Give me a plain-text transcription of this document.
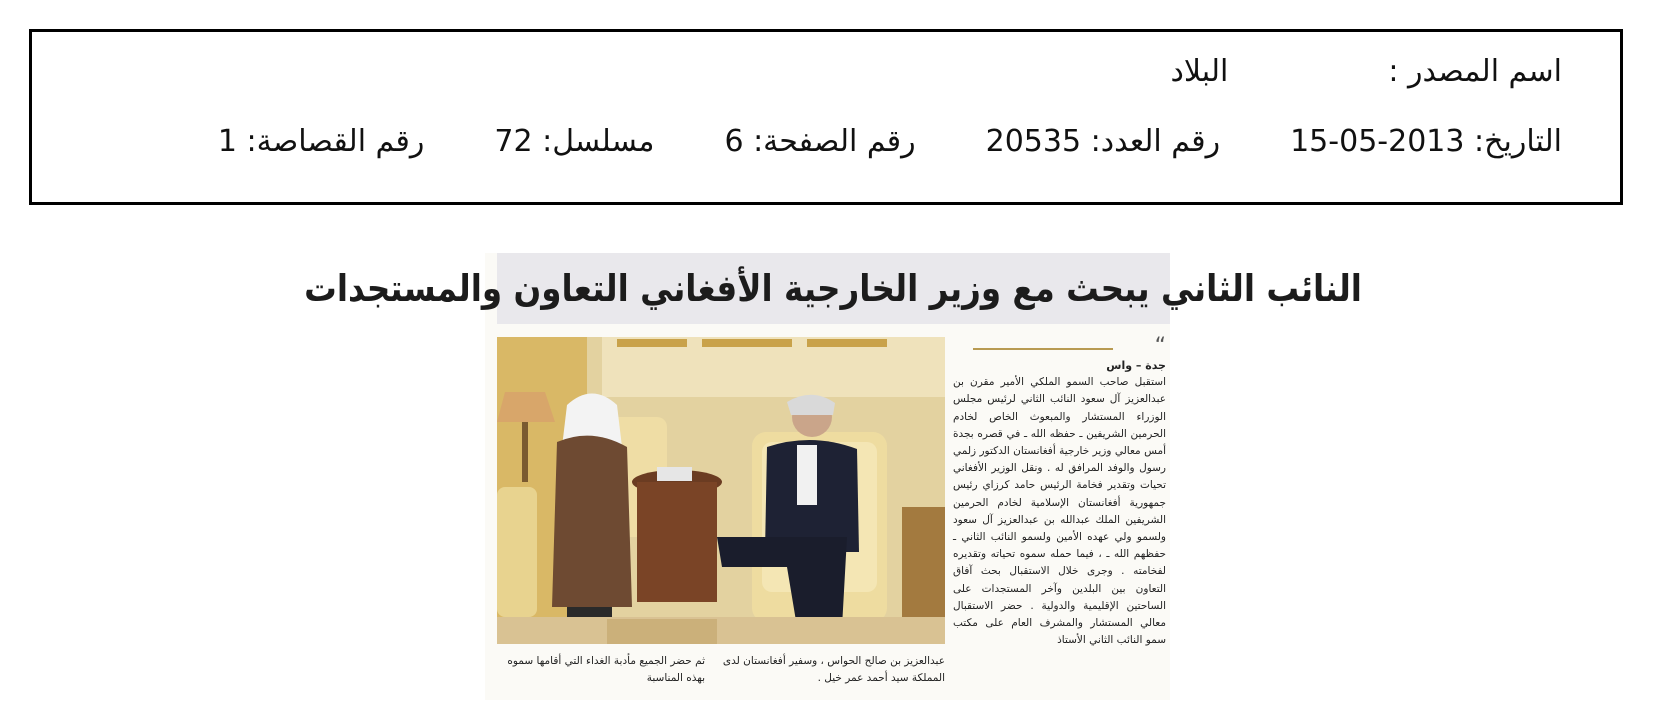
اسم المصدر :البلاد
التاريخ: 2013-05-15رقم العدد: 20535رقم الصفحة: 6مسلسل: 72رقم القصاصة: 1
النائب الثاني يبحث مع وزير الخارجية الأفغاني التعاون والمستجدات
“
جدة – واس
استقبل صاحب السمو الملكي الأمير مقرن بن عبدالعزيز آل سعود النائب الثاني لرئيس مجلس الوزراء المستشار والمبعوث الخاص لخادم الحرمين الشريفين ـ حفظه الله ـ في قصره بجدة أمس معالي وزير خارجية أفغانستان الدكتور زلمي رسول والوفد المرافق له . ونقل الوزير الأفغاني تحيات وتقدير فخامة الرئيس حامد كرزاي رئيس جمهورية أفغانستان الإسلامية لخادم الحرمين الشريفين الملك عبدالله بن عبدالعزيز آل سعود ولسمو ولي عهده الأمين ولسمو النائب الثاني ـ حفظهم الله ـ ، فيما حمله سموه تحياته وتقديره لفخامته . وجرى خلال الاستقبال بحث آفاق التعاون بين البلدين وآخر المستجدات على الساحتين الإقليمية والدولية . حضر الاستقبال معالي المستشار والمشرف العام على مكتب سمو النائب الثاني الأستاذ
عبدالعزيز بن صالح الحواس ، وسفير أفغانستان لدى المملكة سيد أحمد عمر خيل .
ثم حضر الجميع مأدبة الغداء التي أقامها سموه بهذه المناسبة
